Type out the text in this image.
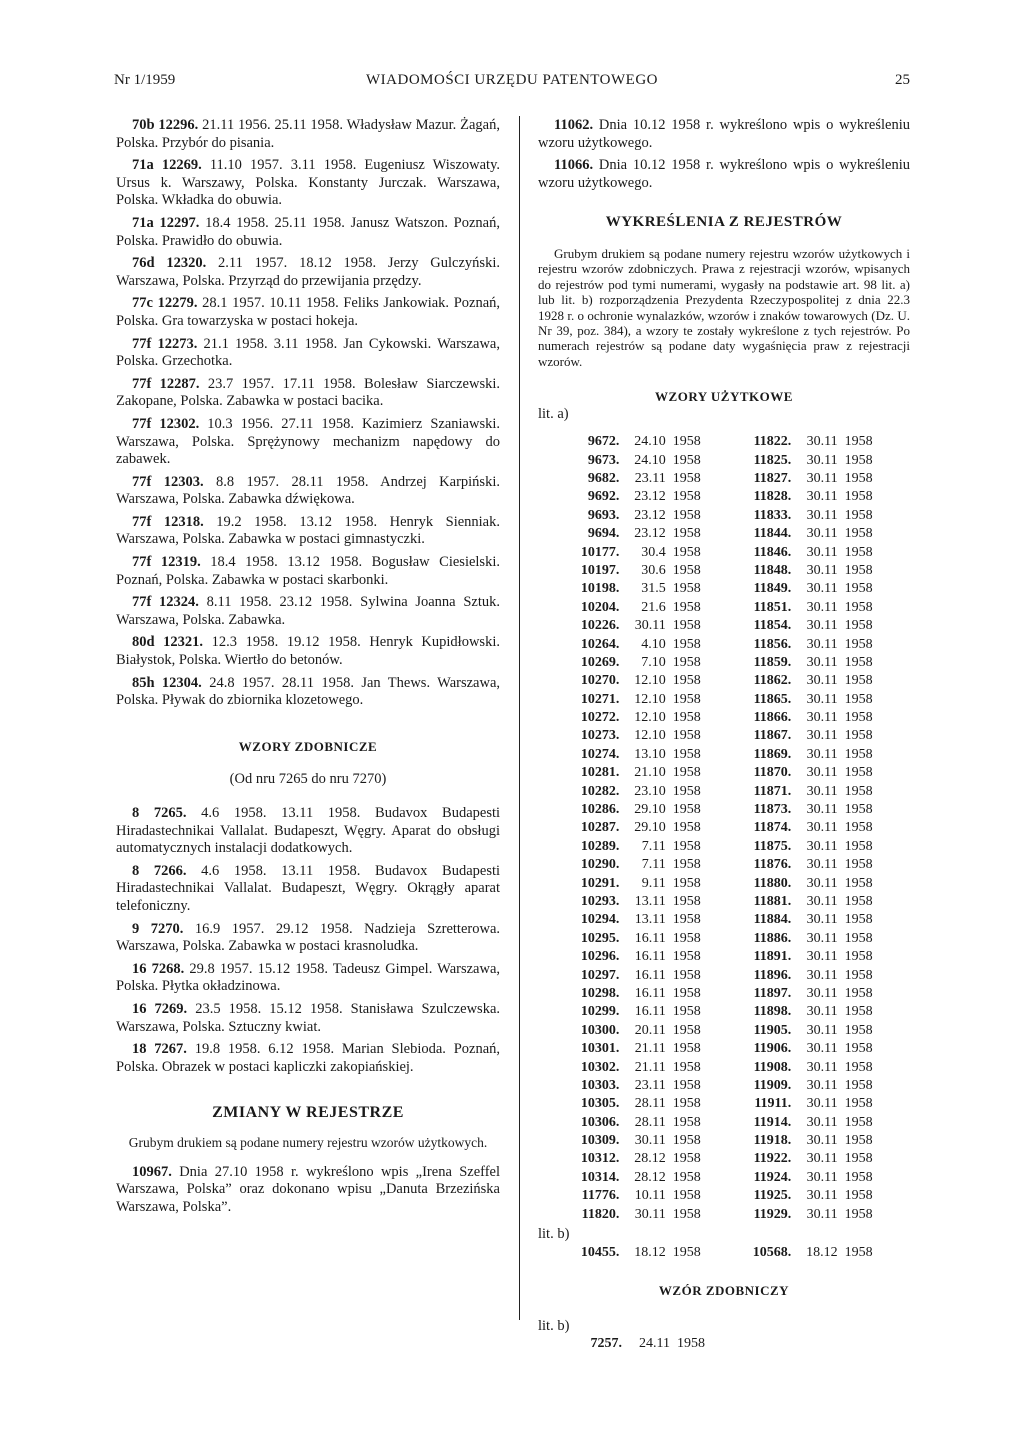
Nr 1/1959	WIADOMOŚCI URZĘDU PATENTOWEGO	25

70b 12296. 21.11 1956. 25.11 1958. Władysław Mazur. Żagań, Polska. Przybór do pisania.

71a 12269. 11.10 1957. 3.11 1958. Eugeniusz Wiszowaty. Ursus k. Warszawy, Polska. Konstanty Jurczak. Warszawa, Polska. Wkładka do obuwia.

71a 12297. 18.4 1958. 25.11 1958. Janusz Watszon. Poznań, Polska. Prawidło do obuwia.

76d 12320. 2.11 1957. 18.12 1958. Jerzy Gulczyński. Warszawa, Polska. Przyrząd do przewijania przędzy.

77c 12279. 28.1 1957. 10.11 1958. Feliks Jankowiak. Poznań, Polska. Gra towarzyska w postaci hokeja.

77f 12273. 21.1 1958. 3.11 1958. Jan Cykowski. Warszawa, Polska. Grzechotka.

77f 12287. 23.7 1957. 17.11 1958. Bolesław Siarczewski. Zakopane, Polska. Zabawka w postaci bacika.

77f 12302. 10.3 1956. 27.11 1958. Kazimierz Szaniawski. Warszawa, Polska. Sprężynowy mechanizm napędowy do zabawek.

77f 12303. 8.8 1957. 28.11 1958. Andrzej Karpiński. Warszawa, Polska. Zabawka dźwiękowa.

77f 12318. 19.2 1958. 13.12 1958. Henryk Sienniak. Warszawa, Polska. Zabawka w postaci gimnastyczki.

77f 12319. 18.4 1958. 13.12 1958. Bogusław Ciesielski. Poznań, Polska. Zabawka w postaci skarbonki.

77f 12324. 8.11 1958. 23.12 1958. Sylwina Joanna Sztuk. Warszawa, Polska. Zabawka.

80d 12321. 12.3 1958. 19.12 1958. Henryk Kupidłowski. Białystok, Polska. Wiertło do betonów.

85h 12304. 24.8 1957. 28.11 1958. Jan Thews. Warszawa, Polska. Pływak do zbiornika klozetowego.

WZORY ZDOBNICZE
(Od nru 7265 do nru 7270)

8 7265. 4.6 1958. 13.11 1958. Budavox Budapesti Hiradastechnikai Vallalat. Budapeszt, Węgry. Aparat do obsługi automatycznych instalacji dodatkowych.

8 7266. 4.6 1958. 13.11 1958. Budavox Budapesti Hiradastechnikai Vallalat. Budapeszt, Węgry. Okrągły aparat telefoniczny.

9 7270. 16.9 1957. 29.12 1958. Nadzieja Szretterowa. Warszawa, Polska. Zabawka w postaci krasnoludka.

16 7268. 29.8 1957. 15.12 1958. Tadeusz Gimpel. Warszawa, Polska. Płytka okładzinowa.

16 7269. 23.5 1958. 15.12 1958. Stanisława Szulczewska. Warszawa, Polska. Sztuczny kwiat.

18 7267. 19.8 1958. 6.12 1958. Marian Slebioda. Poznań, Polska. Obrazek w postaci kapliczki zakopiańskiej.

ZMIANY W REJESTRZE
Grubym drukiem są podane numery rejestru wzorów użytkowych.

10967. Dnia 27.10 1958 r. wykreślono wpis „Irena Szeffel Warszawa, Polska” oraz dokonano wpisu „Danuta Brzezińska Warszawa, Polska”.

11062. Dnia 10.12 1958 r. wykreślono wpis o wykreśleniu wzoru użytkowego.

11066. Dnia 10.12 1958 r. wykreślono wpis o wykreśleniu wzoru użytkowego.

WYKREŚLENIA Z REJESTRÓW

Grubym drukiem są podane numery rejestru wzorów użytkowych i rejestru wzorów zdobniczych. Prawa z rejestracji wzorów, wpisanych do rejestrów pod tymi numerami, wygasły na podstawie art. 98 lit. a) lub lit. b) rozporządzenia Prezydenta Rzeczypospolitej z dnia 22.3 1928 r. o ochronie wynalazków, wzorów i znaków towarowych (Dz. U. Nr 39, poz. 384), a wzory te zostały wykreślone z tych rejestrów. Po numerach rejestrów są podane daty wygaśnięcia praw z rejestracji wzorów.

WZORY UŻYTKOWE
lit. a)
9672.	24.10	1958	11822.	30.11	1958
9673.	24.10	1958	11825.	30.11	1958
9682.	23.11	1958	11827.	30.11	1958
9692.	23.12	1958	11828.	30.11	1958
9693.	23.12	1958	11833.	30.11	1958
9694.	23.12	1958	11844.	30.11	1958
10177.	30.4	1958	11846.	30.11	1958
10197.	30.6	1958	11848.	30.11	1958
10198.	31.5	1958	11849.	30.11	1958
10204.	21.6	1958	11851.	30.11	1958
10226.	30.11	1958	11854.	30.11	1958
10264.	4.10	1958	11856.	30.11	1958
10269.	7.10	1958	11859.	30.11	1958
10270.	12.10	1958	11862.	30.11	1958
10271.	12.10	1958	11865.	30.11	1958
10272.	12.10	1958	11866.	30.11	1958
10273.	12.10	1958	11867.	30.11	1958
10274.	13.10	1958	11869.	30.11	1958
10281.	21.10	1958	11870.	30.11	1958
10282.	23.10	1958	11871.	30.11	1958
10286.	29.10	1958	11873.	30.11	1958
10287.	29.10	1958	11874.	30.11	1958
10289.	7.11	1958	11875.	30.11	1958
10290.	7.11	1958	11876.	30.11	1958
10291.	9.11	1958	11880.	30.11	1958
10293.	13.11	1958	11881.	30.11	1958
10294.	13.11	1958	11884.	30.11	1958
10295.	16.11	1958	11886.	30.11	1958
10296.	16.11	1958	11891.	30.11	1958
10297.	16.11	1958	11896.	30.11	1958
10298.	16.11	1958	11897.	30.11	1958
10299.	16.11	1958	11898.	30.11	1958
10300.	20.11	1958	11905.	30.11	1958
10301.	21.11	1958	11906.	30.11	1958
10302.	21.11	1958	11908.	30.11	1958
10303.	23.11	1958	11909.	30.11	1958
10305.	28.11	1958	11911.	30.11	1958
10306.	28.11	1958	11914.	30.11	1958
10309.	30.11	1958	11918.	30.11	1958
10312.	28.12	1958	11922.	30.11	1958
10314.	28.12	1958	11924.	30.11	1958
11776.	10.11	1958	11925.	30.11	1958
11820.	30.11	1958	11929.	30.11	1958
lit. b)
10455.	18.12	1958	10568.	18.12	1958
WZÓR ZDOBNICZY
lit. b)
7257.	24.11	1958
